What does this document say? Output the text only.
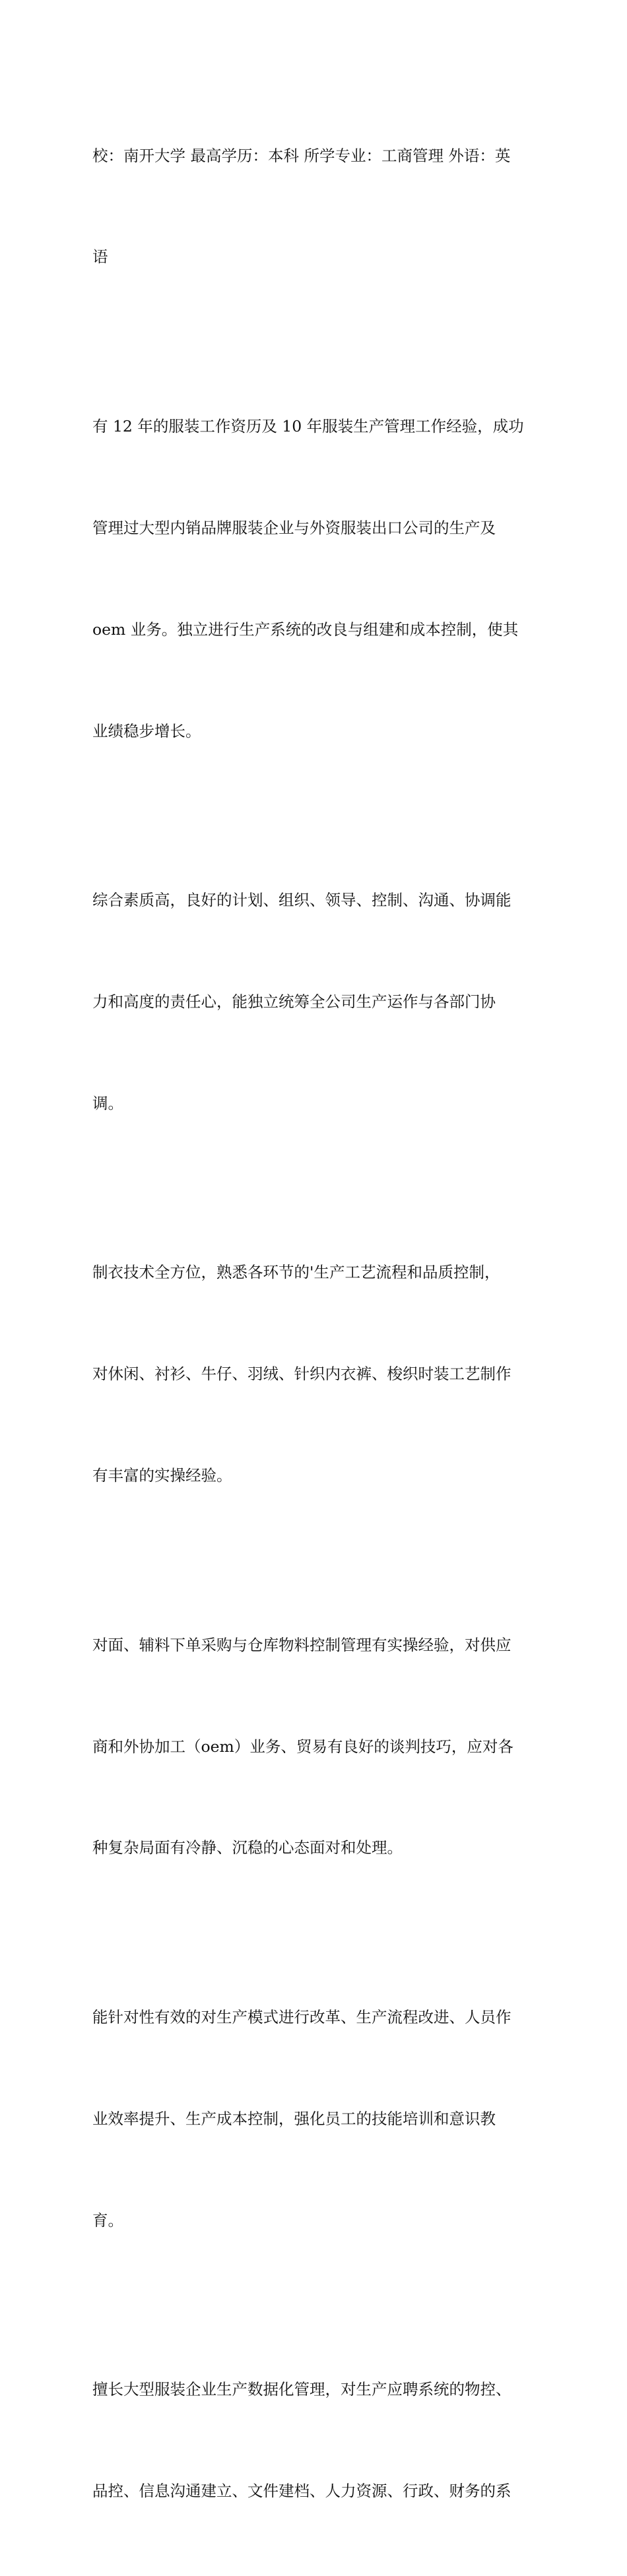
校：南开大学 最高学历：本科 所学专业：工商管理 外语：英

语

有 12 年的服装工作资历及 10 年服装生产管理工作经验，成功

管理过大型内销品牌服装企业与外资服装出口公司的生产及

oem 业务。独立进行生产系统的改良与组建和成本控制，使其

业绩稳步增长。

综合素质高，良好的计划、组织、领导、控制、沟通、协调能

力和高度的责任心，能独立统筹全公司生产运作与各部门协

调。

制衣技术全方位，熟悉各环节的'生产工艺流程和品质控制，

对休闲、衬衫、牛仔、羽绒、针织内衣裤、梭织时装工艺制作

有丰富的实操经验。

对面、辅料下单采购与仓库物料控制管理有实操经验，对供应

商和外协加工（oem）业务、贸易有良好的谈判技巧，应对各

种复杂局面有冷静、沉稳的心态面对和处理。

能针对性有效的对生产模式进行改革、生产流程改进、人员作

业效率提升、生产成本控制，强化员工的技能培训和意识教

育。

擅长大型服装企业生产数据化管理，对生产应聘系统的物控、

品控、信息沟通建立、文件建档、人力资源、行政、财务的系
